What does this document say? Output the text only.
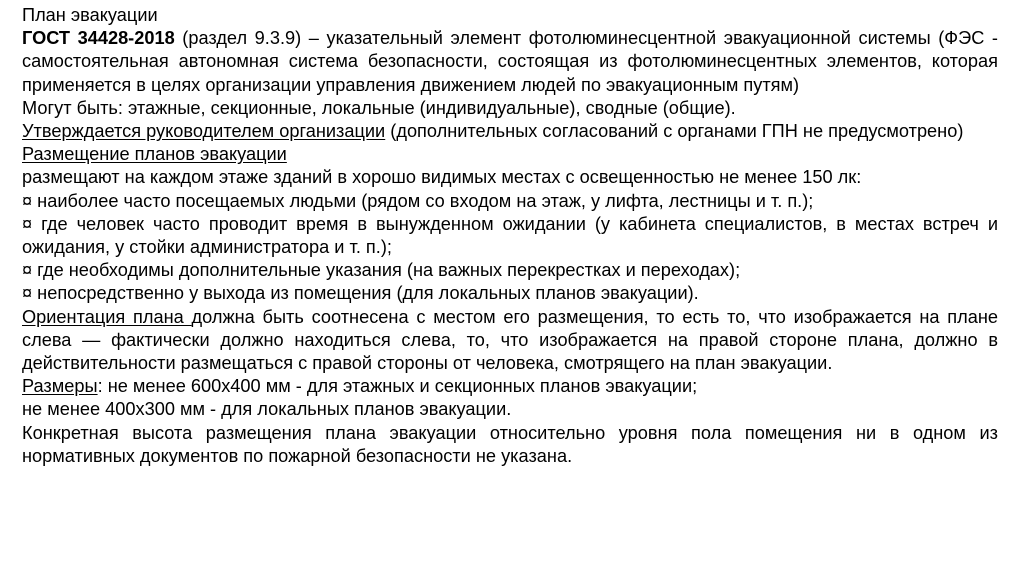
План эвакуации

ГОСТ 34428-2018 (раздел 9.3.9) – указательный элемент фотолюминесцентной эвакуационной системы (ФЭС - самостоятельная автономная система безопасности, состоящая из фотолюминесцентных элементов, которая применяется в целях организации управления движением людей по эвакуационным путям)

Могут быть: этажные, секционные, локальные (индивидуальные), сводные (общие).

Утверждается руководителем организации (дополнительных согласований с органами ГПН не предусмотрено)

Размещение планов эвакуации

размещают на каждом этаже зданий в хорошо видимых местах с освещенностью не менее 150 лк:

¤ наиболее часто посещаемых людьми (рядом со входом на этаж, у лифта, лестницы и т. п.);

¤ где человек часто проводит время в вынужденном ожидании (у кабинета специалистов, в местах встреч и ожидания, у стойки администратора и т. п.);

¤ где необходимы дополнительные указания (на важных перекрестках и переходах);

¤ непосредственно у выхода из помещения (для локальных планов эвакуации).

Ориентация плана должна быть соотнесена с местом его размещения, то есть то, что изображается на плане слева — фактически должно находиться слева, то, что изображается на правой стороне плана, должно в действительности размещаться с правой стороны от человека, смотрящего на план эвакуации.

Размеры: не менее 600х400 мм - для этажных и секционных планов эвакуации;

не менее 400х300 мм - для локальных планов эвакуации.

Конкретная высота размещения плана эвакуации относительно уровня пола помещения ни в одном из нормативных документов по пожарной безопасности не указана.
